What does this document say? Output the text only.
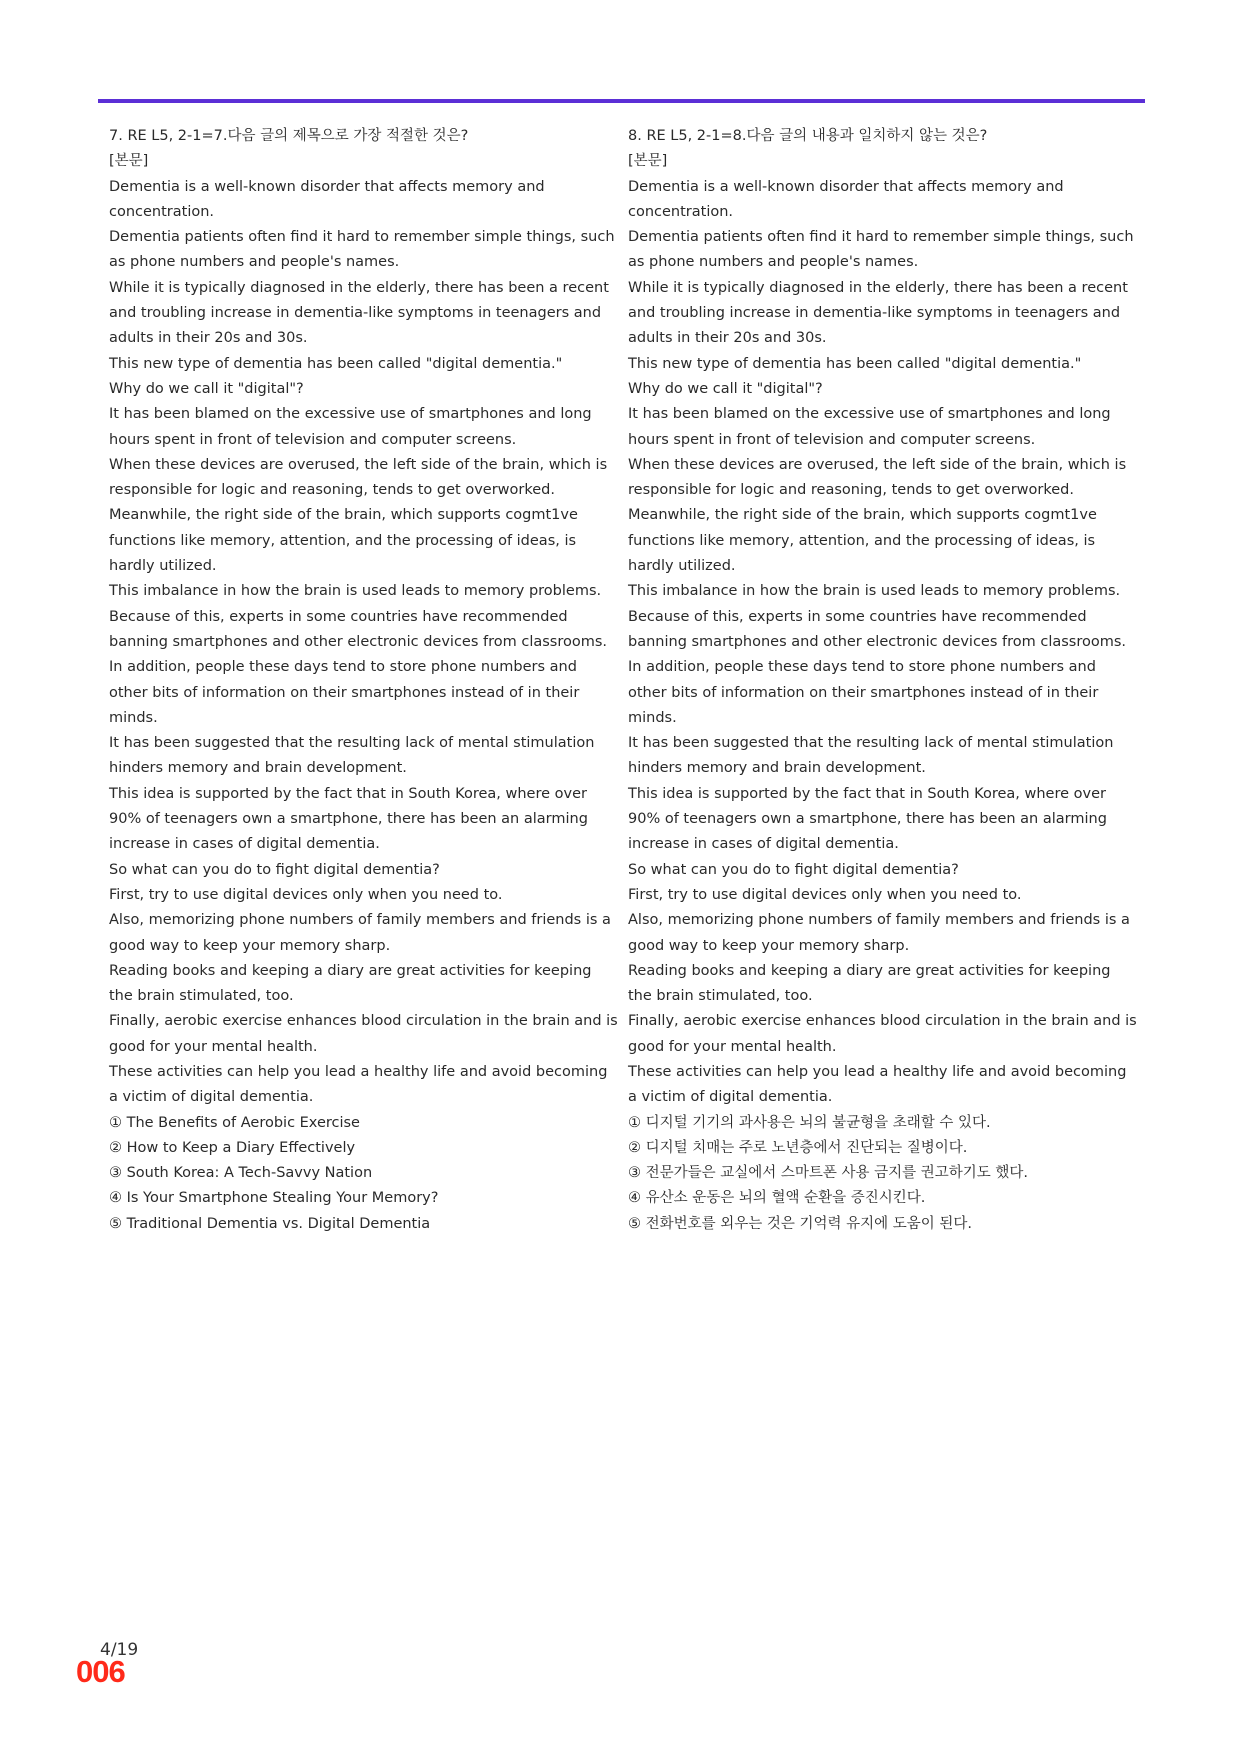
7. RE L5, 2-1=7.다음 글의 제목으로 가장 적절한 것은?

[본문]

Dementia is a well-known disorder that affects memory and concentration.

Dementia patients often find it hard to remember simple things, such as phone numbers and people's names.

While it is typically diagnosed in the elderly, there has been a recent and troubling increase in dementia-like symptoms in teenagers and adults in their 20s and 30s.

This new type of dementia has been called "digital dementia."

Why do we call it "digital"?

It has been blamed on the excessive use of smartphones and long hours spent in front of television and computer screens.

When these devices are overused, the left side of the brain, which is responsible for logic and reasoning, tends to get overworked.

Meanwhile, the right side of the brain, which supports cogmt1ve functions like memory, attention, and the processing of ideas, is hardly utilized.

This imbalance in how the brain is used leads to memory problems.

Because of this, experts in some countries have recommended banning smartphones and other electronic devices from classrooms.

In addition, people these days tend to store phone numbers and other bits of information on their smartphones instead of in their minds.

It has been suggested that the resulting lack of mental stimulation hinders memory and brain development.

This idea is supported by the fact that in South Korea, where over 90% of teenagers own a smartphone, there has been an alarming increase in cases of digital dementia.

So what can you do to fight digital dementia?

First, try to use digital devices only when you need to.

Also, memorizing phone numbers of family members and friends is a good way to keep your memory sharp.

Reading books and keeping a diary are great activities for keeping the brain stimulated, too.

Finally, aerobic exercise enhances blood circulation in the brain and is good for your mental health.

These activities can help you lead a healthy life and avoid becoming a victim of digital dementia.

① The Benefits of Aerobic Exercise

② How to Keep a Diary Effectively

③ South Korea: A Tech-Savvy Nation

④ Is Your Smartphone Stealing Your Memory?

⑤ Traditional Dementia vs. Digital Dementia

8. RE L5, 2-1=8.다음 글의 내용과 일치하지 않는 것은?

[본문]

Dementia is a well-known disorder that affects memory and concentration.

Dementia patients often find it hard to remember simple things, such as phone numbers and people's names.

While it is typically diagnosed in the elderly, there has been a recent and troubling increase in dementia-like symptoms in teenagers and adults in their 20s and 30s.

This new type of dementia has been called "digital dementia."

Why do we call it "digital"?

It has been blamed on the excessive use of smartphones and long hours spent in front of television and computer screens.

When these devices are overused, the left side of the brain, which is responsible for logic and reasoning, tends to get overworked.

Meanwhile, the right side of the brain, which supports cogmt1ve functions like memory, attention, and the processing of ideas, is hardly utilized.

This imbalance in how the brain is used leads to memory problems.

Because of this, experts in some countries have recommended banning smartphones and other electronic devices from classrooms.

In addition, people these days tend to store phone numbers and other bits of information on their smartphones instead of in their minds.

It has been suggested that the resulting lack of mental stimulation hinders memory and brain development.

This idea is supported by the fact that in South Korea, where over 90% of teenagers own a smartphone, there has been an alarming increase in cases of digital dementia.

So what can you do to fight digital dementia?

First, try to use digital devices only when you need to.

Also, memorizing phone numbers of family members and friends is a good way to keep your memory sharp.

Reading books and keeping a diary are great activities for keeping the brain stimulated, too.

Finally, aerobic exercise enhances blood circulation in the brain and is good for your mental health.

These activities can help you lead a healthy life and avoid becoming a victim of digital dementia.

① 디지털 기기의 과사용은 뇌의 불균형을 초래할 수 있다.

② 디지털 치매는 주로 노년층에서 진단되는 질병이다.

③ 전문가들은 교실에서 스마트폰 사용 금지를 권고하기도 했다.

④ 유산소 운동은 뇌의 혈액 순환을 증진시킨다.

⑤ 전화번호를 외우는 것은 기억력 유지에 도움이 된다.

4/19
006
